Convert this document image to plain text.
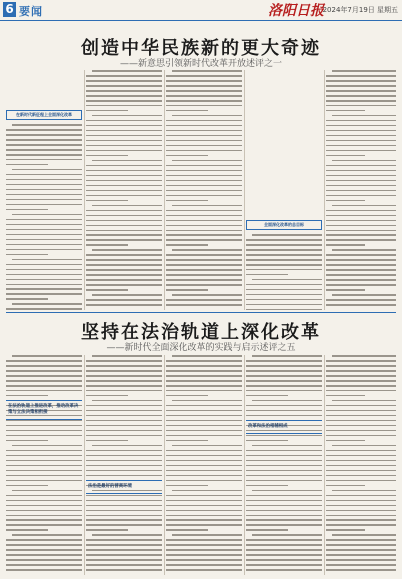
6 要闻	洛阳日报
2024年7月19日 星期五
创造中华民族新的更大奇迹
——新意思引领新时代改革开放述评之一
在新时代新征程上全面深化改革
全面深化改革的总目标
坚持在法治轨道上深化改革
——新时代全面深化改革的实践与启示述评之五
在法治轨道上推进改革，推动改革决策与立法决策相衔接
法治是最好的营商环境
改革和法治相辅相成
